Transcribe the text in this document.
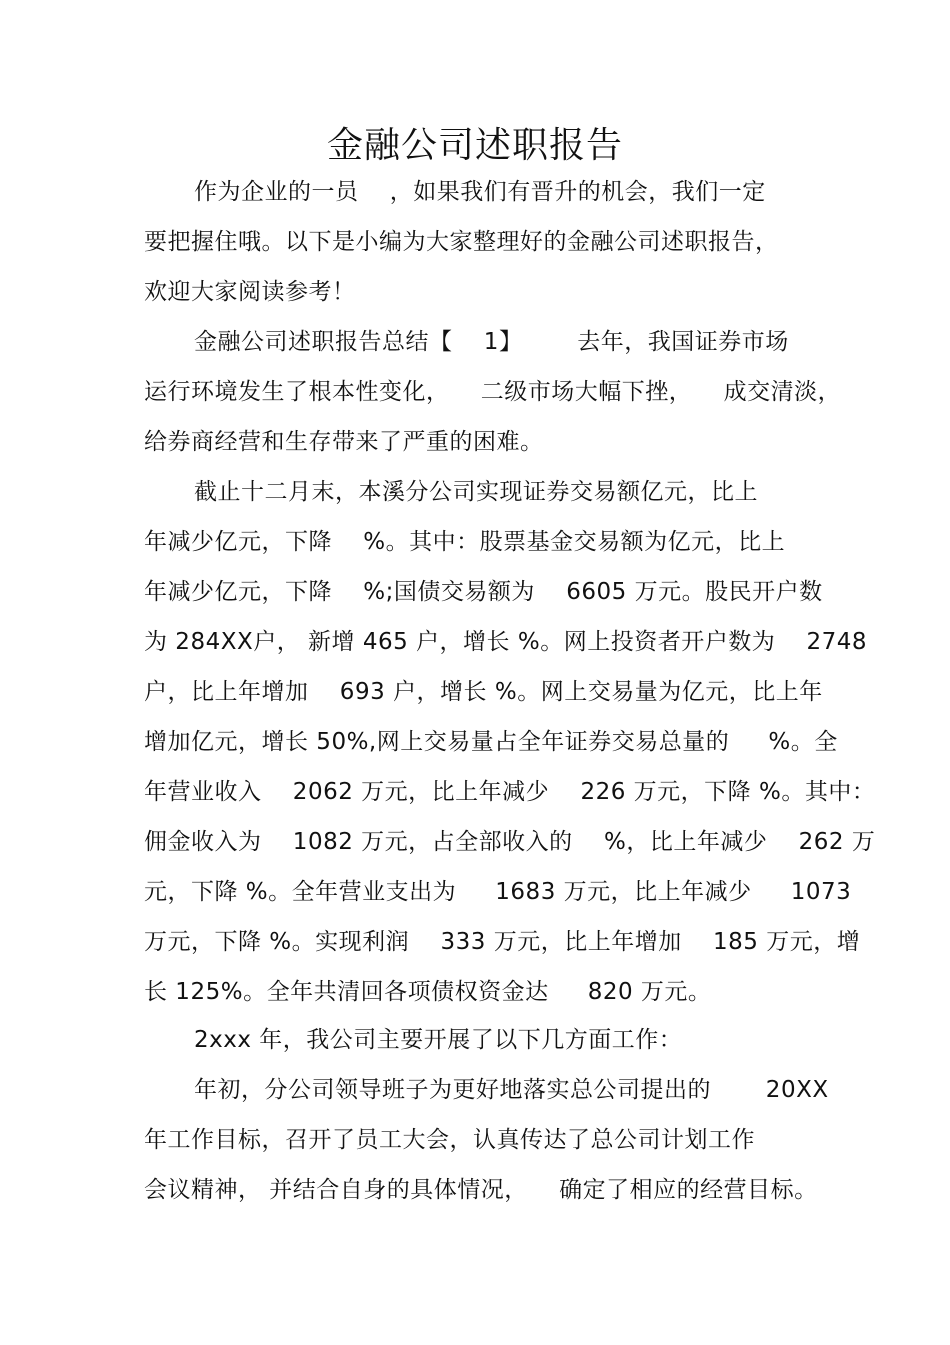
金融公司述职报告
作为企业的一员 　，如果我们有晋升的机会，我们一定
要把握住哦。以下是小编为大家整理好的金融公司述职报告，
欢迎大家阅读参考！
金融公司述职报告总结【 　1】 　　去年，我国证券市场
运行环境发生了根本性变化， 　二级市场大幅下挫， 　成交清淡，
给券商经营和生存带来了严重的困难。
截止十二月末，本溪分公司实现证券交易额亿元，比上
年减少亿元，下降 　%。其中：股票基金交易额为亿元，比上
年减少亿元，下降 　%;国债交易额为 　6605 万元。股民开户数
为 284XX户， 新增 465 户，增长 %。网上投资者开户数为 　2748
户，比上年增加 　693 户，增长 %。网上交易量为亿元，比上年
增加亿元，增长 50%,网上交易量占全年证券交易总量的 　 %。全
年营业收入 　2062 万元，比上年减少 　226 万元，下降 %。其中：
佣金收入为 　1082 万元，占全部收入的 　%，比上年减少 　262 万
元，下降 %。全年营业支出为 　 1683 万元，比上年减少 　 1073
万元，下降 %。实现利润 　333 万元，比上年增加 　185 万元，增
长 125%。全年共清回各项债权资金达 　 820 万元。
2xxx 年，我公司主要开展了以下几方面工作：
年初，分公司领导班子为更好地落实总公司提出的 　　20XX
年工作目标，召开了员工大会，认真传达了总公司计划工作
会议精神， 并结合自身的具体情况， 　确定了相应的经营目标。
